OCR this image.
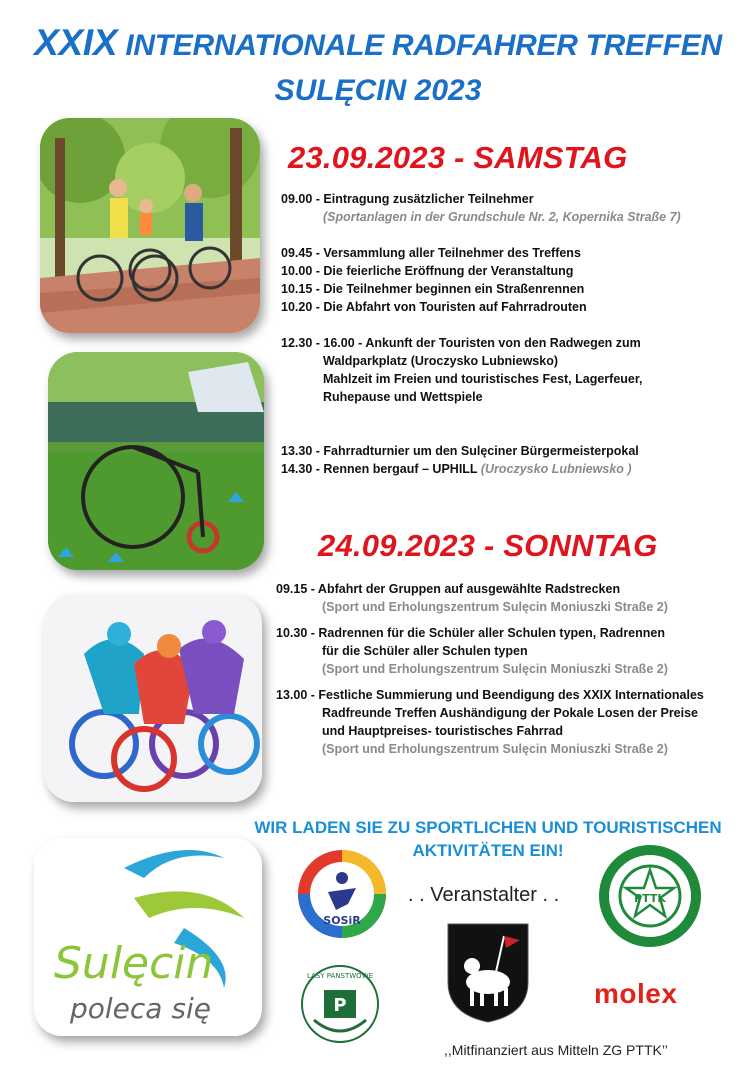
XXIX INTERNATIONALE RADFAHRER TREFFEN
SULĘCIN 2023
23.09.2023 - SAMSTAG
09.00 - Eintragung zusätzlicher Teilnehmer
(Sportanlagen in der Grundschule Nr. 2, Kopernika Straße 7)
09.45 - Versammlung aller Teilnehmer des Treffens
10.00 - Die feierliche Eröffnung der Veranstaltung
10.15 - Die Teilnehmer beginnen ein Straßenrennen
10.20 - Die Abfahrt von Touristen auf Fahrradrouten
12.30 - 16.00 - Ankunft der Touristen von den Radwegen zum
Waldparkplatz (Uroczysko Lubniewsko)
Mahlzeit im Freien und touristisches Fest, Lagerfeuer,
Ruhepause und Wettspiele
13.30 - Fahrradturnier um den Sulęciner Bürgermeisterpokal
14.30 - Rennen bergauf – UPHILL (Uroczysko Lubniewsko )
24.09.2023 - SONNTAG
09.15 - Abfahrt der Gruppen auf ausgewählte Radstrecken
(Sport und Erholungszentrum Sulęcin Moniuszki Straße 2)
10.30 - Radrennen für die Schüler aller Schulen typen, Radrennen
für die Schüler aller Schulen typen
(Sport und Erholungszentrum Sulęcin Moniuszki Straße 2)
13.00 - Festliche Summierung und Beendigung des XXIX Internationales
Radfreunde Treffen Aushändigung der Pokale Losen der Preise
und Hauptpreises- touristisches Fahrrad
(Sport und Erholungszentrum Sulęcin Moniuszki Straße 2)
WIR LADEN SIE ZU SPORTLICHEN UND TOURISTISCHEN
AKTIVITÄTEN EIN!
Sulęcin
poleca się
SOSiR
. . Veranstalter . .	PTTK
P
LASY PAŃSTWOWE
molex
,,Mitfinanziert aus Mitteln ZG PTTK’’
